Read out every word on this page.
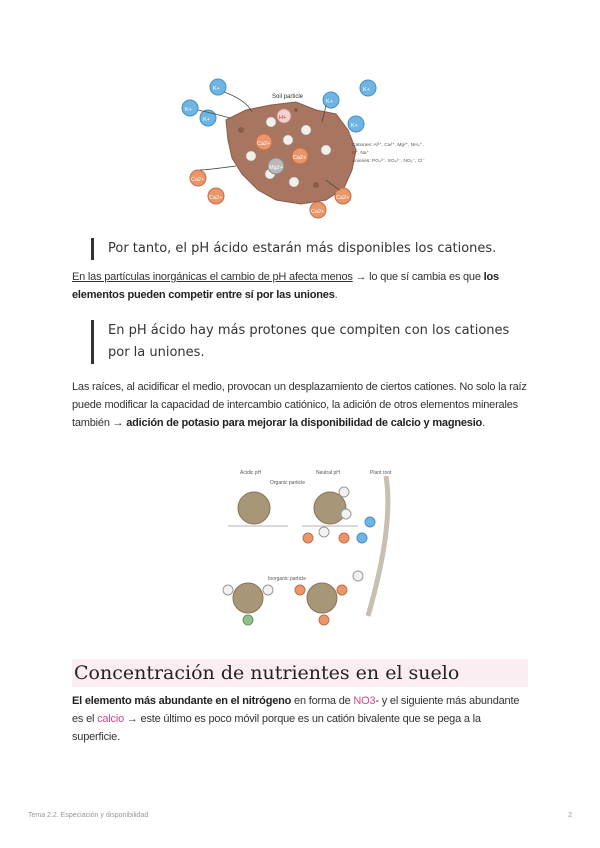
Soil particle
K+
K+
K+
K+
K+
K+
H+
Ca2+
Ca2+
Ca2+
Ca2+	Ca2+
Mg2+
Ca2+
Cationes: Al³⁺, Ca²⁺, Mg²⁺, NH₄⁺,
K⁺, Na⁺
Aniones: PO₄³⁻, SO₄²⁻, NO₃⁻, Cl⁻
Por tanto, el pH ácido estarán más disponibles los cationes.
En las partículas inorgánicas el cambio de pH afecta menos → lo que sí cambia es que los elementos pueden competir entre sí por las uniones.
En pH ácido hay más protones que compiten con los cationes por la uniones.
Las raíces, al acidificar el medio, provocan un desplazamiento de ciertos cationes. No solo la raíz puede modificar la capacidad de intercambio catiónico, la adición de otros elementos minerales también → adición de potasio para mejorar la disponibilidad de calcio y magnesio.
Acidic pH	Neutral pH	Plant root
Organic particle
Inorganic particle
Concentración de nutrientes en el suelo
El elemento más abundante en el nitrógeno en forma de NO3- y el siguiente más abundante es el calcio → este último es poco móvil porque es un catión bivalente que se pega a la superficie.
Tema 2.2. Especiación y disponibilidad	2
